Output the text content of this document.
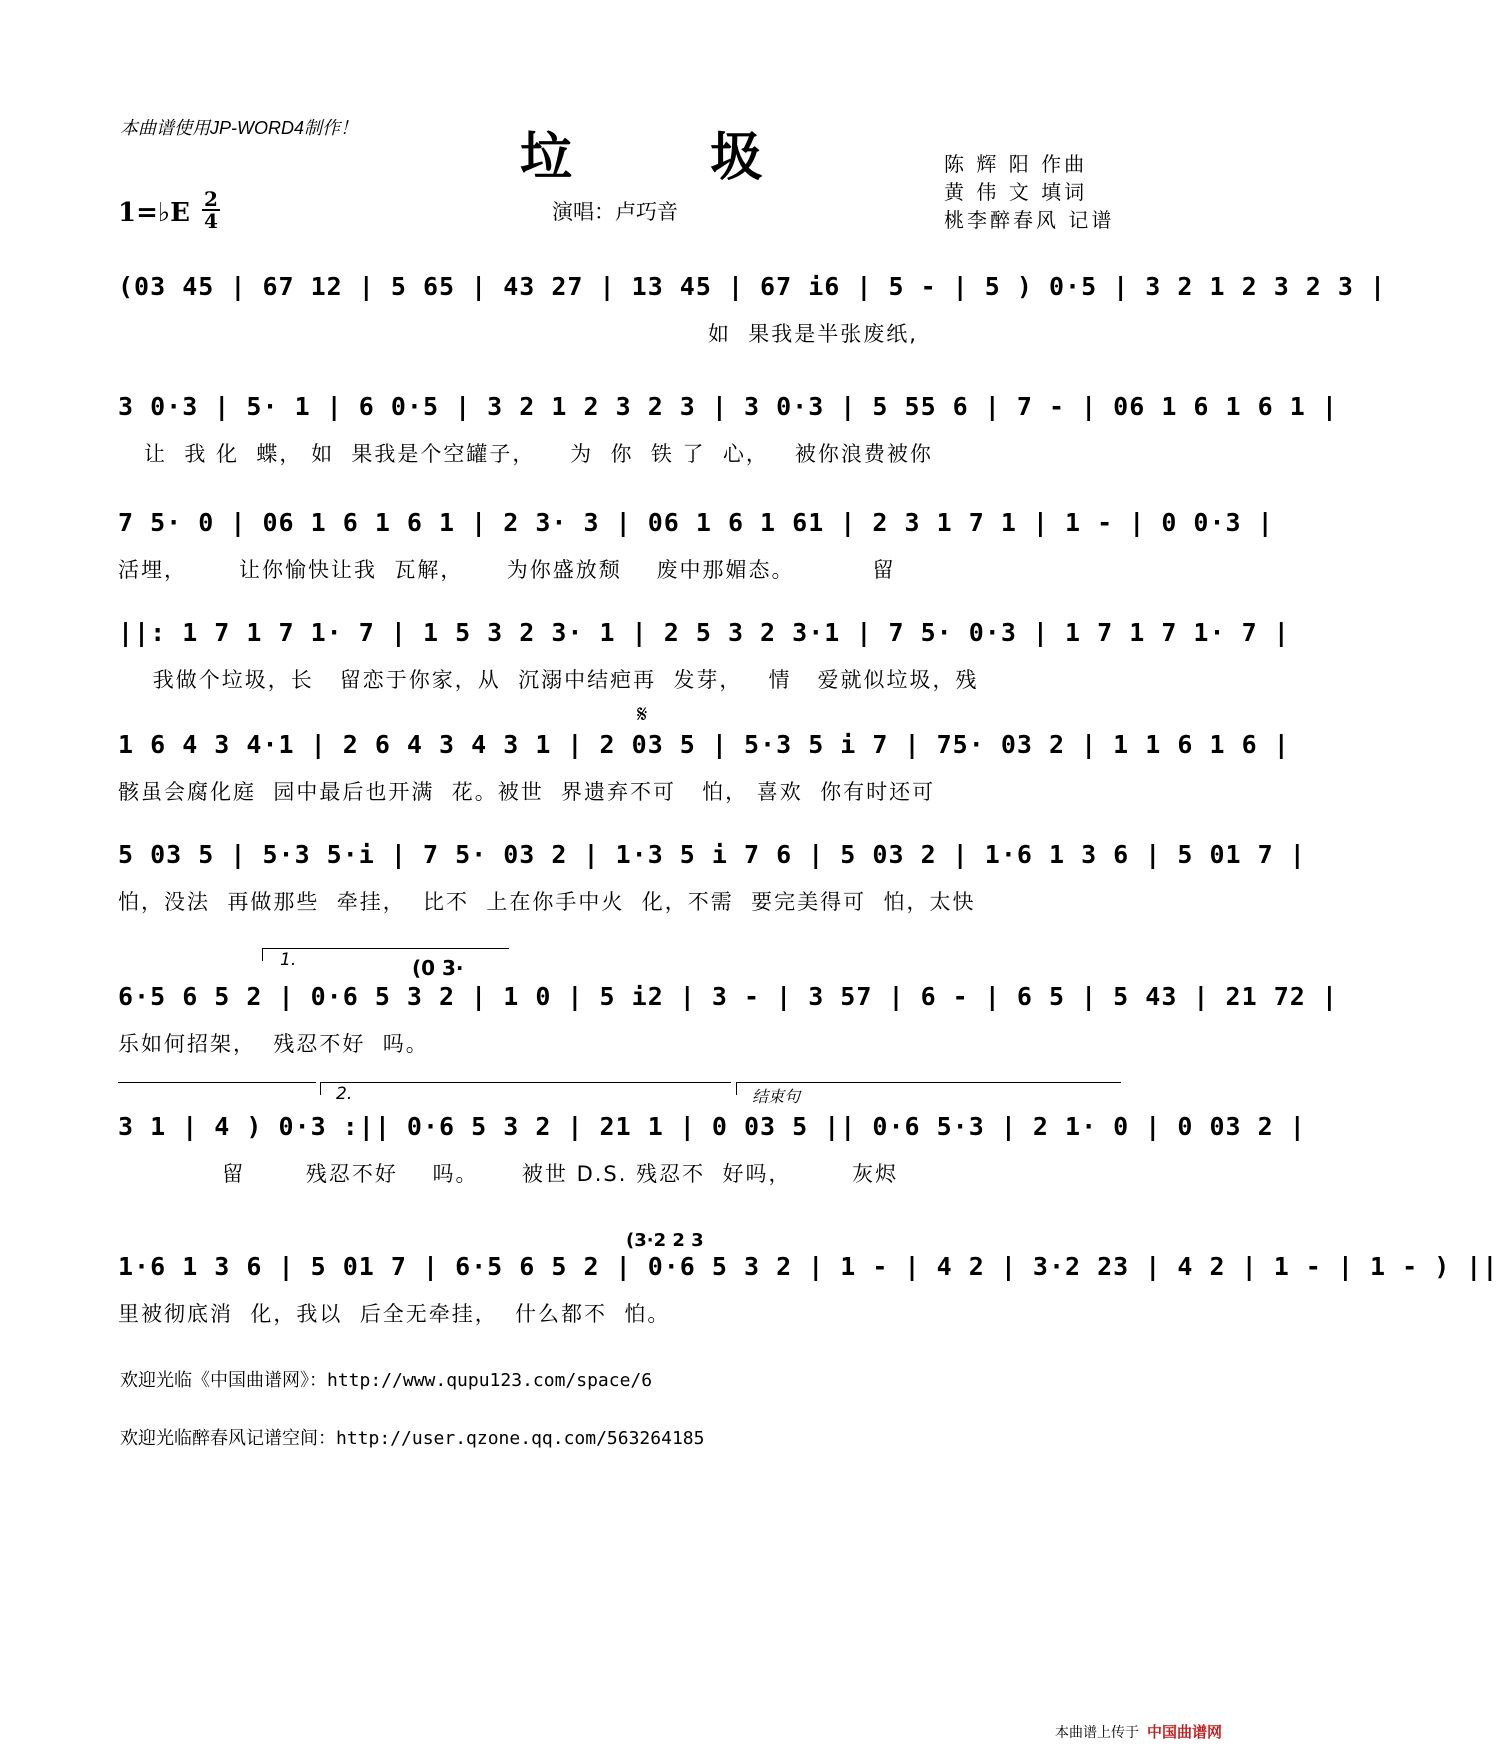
本曲谱使用JP-WORD4制作！	垃 圾	陈 辉 阳 作曲
黄 伟 文 填词
桃李醉春风 记谱
1=♭E 2
4	演唱：卢巧音
(03 45 | 67 12 | 5 65 | 43 27 | 13 45 | 67 i6 | 5 - | 5 ) 0·5 | 3 2 1 2 3 2 3 |
如  果我是半张废纸,
3 0·3 | 5· 1 | 6 0·5 | 3 2 1 2 3 2 3 | 3 0·3 | 5 55 6 | 7 - | 06 1 6 1 6 1 |
让  我 化  蝶， 如  果我是个空罐子，    为  你  铁 了  心，   被你浪费被你
7 5· 0 | 06 1 6 1 6 1 | 2 3· 3 | 06 1 6 1 61 | 2 3 1 7 1 | 1 - | 0 0·3 |
活埋，      让你愉快让我  瓦解，     为你盛放颓    废中那媚态。         留
||: 1 7 1 7 1· 7 | 1 5 3 2 3· 1 | 2 5 3 2 3·1 | 7 5· 0·3 | 1 7 1 7 1· 7 |
我做个垃圾，长   留恋于你家，从  沉溺中结疤再  发芽，   情   爱就似垃圾，残
𝄋
1 6 4 3 4·1 | 2 6 4 3 4 3 1 | 2 03 5 | 5·3 5 i 7 | 75· 03 2 | 1 1 6 1 6 |
骸虽会腐化庭  园中最后也开满  花。被世  界遗弃不可   怕， 喜欢  你有时还可
5 03 5 | 5·3 5·i | 7 5· 03 2 | 1·3 5 i 7 6 | 5 03 2 | 1·6 1 3 6 | 5 01 7 |
怕，没法  再做那些  牵挂，  比不  上在你手中火  化，不需  要完美得可  怕，太快
1.	(0 3·
6·5 6 5 2 | 0·6 5 3 2 | 1 0 | 5 i2 | 3 - | 3 57 | 6 - | 6 5 | 5 43 | 21 72 |
乐如何招架，  残忍不好  吗。
2.	结束句
3 1 | 4 ) 0·3 :|| 0·6 5 3 2 | 21 1 | 0 03 5 || 0·6 5·3 | 2 1· 0 | 0 03 2 |
留       残忍不好    吗。     被世 D.S. 残忍不  好吗，       灰烬
(3·2 2 3
1·6 1 3 6 | 5 01 7 | 6·5 6 5 2 | 0·6 5 3 2 | 1 - | 4 2 | 3·2 23 | 4 2 | 1 - | 1 - ) ||
里被彻底消  化，我以  后全无牵挂，  什么都不  怕。
欢迎光临《中国曲谱网》：http://www.qupu123.com/space/6
欢迎光临醉春风记谱空间：http://user.qzone.qq.com/563264185
本曲谱上传于 中国曲谱网
